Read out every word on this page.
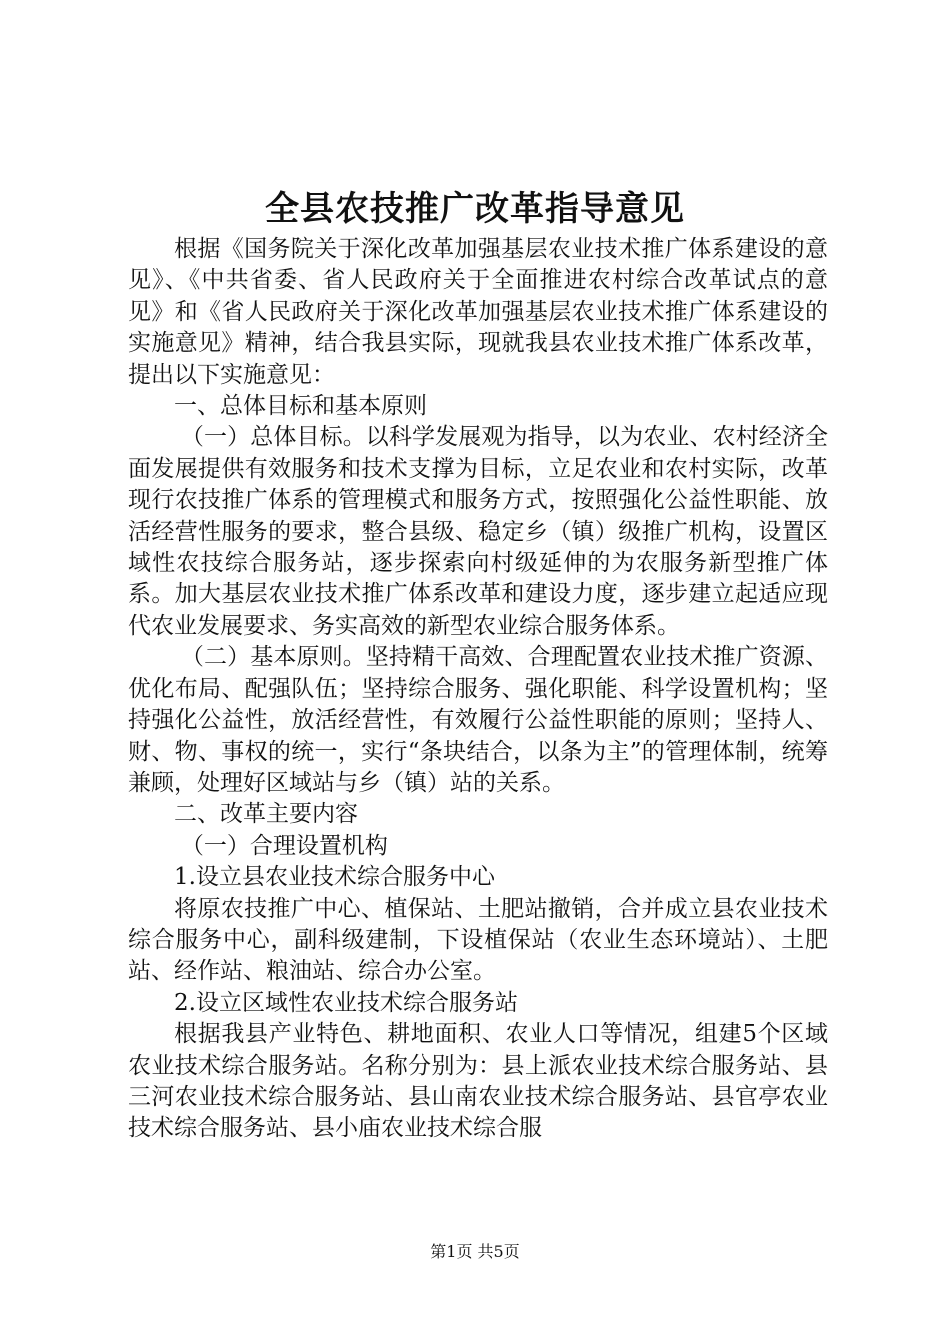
全县农技推广改革指导意见

根据《国务院关于深化改革加强基层农业技术推广体系建设的意见》、《中共省委、省人民政府关于全面推进农村综合改革试点的意见》和《省人民政府关于深化改革加强基层农业技术推广体系建设的实施意见》精神，结合我县实际，现就我县农业技术推广体系改革，提出以下实施意见：

一、总体目标和基本原则

（一）总体目标。以科学发展观为指导，以为农业、农村经济全面发展提供有效服务和技术支撑为目标，立足农业和农村实际，改革现行农技推广体系的管理模式和服务方式，按照强化公益性职能、放活经营性服务的要求，整合县级、稳定乡（镇）级推广机构，设置区域性农技综合服务站，逐步探索向村级延伸的为农服务新型推广体系。加大基层农业技术推广体系改革和建设力度，逐步建立起适应现代农业发展要求、务实高效的新型农业综合服务体系。

（二）基本原则。坚持精干高效、合理配置农业技术推广资源、优化布局、配强队伍；坚持综合服务、强化职能、科学设置机构；坚持强化公益性，放活经营性，有效履行公益性职能的原则；坚持人、财、物、事权的统一，实行“条块结合，以条为主”的管理体制，统筹兼顾，处理好区域站与乡（镇）站的关系。

二、改革主要内容

（一）合理设置机构

1.设立县农业技术综合服务中心

将原农技推广中心、植保站、土肥站撤销，合并成立县农业技术综合服务中心，副科级建制，下设植保站（农业生态环境站）、土肥站、经作站、粮油站、综合办公室。

2.设立区域性农业技术综合服务站

根据我县产业特色、耕地面积、农业人口等情况，组建5个区域农业技术综合服务站。名称分别为：县上派农业技术综合服务站、县三河农业技术综合服务站、县山南农业技术综合服务站、县官亭农业技术综合服务站、县小庙农业技术综合服

第1页 共5页
